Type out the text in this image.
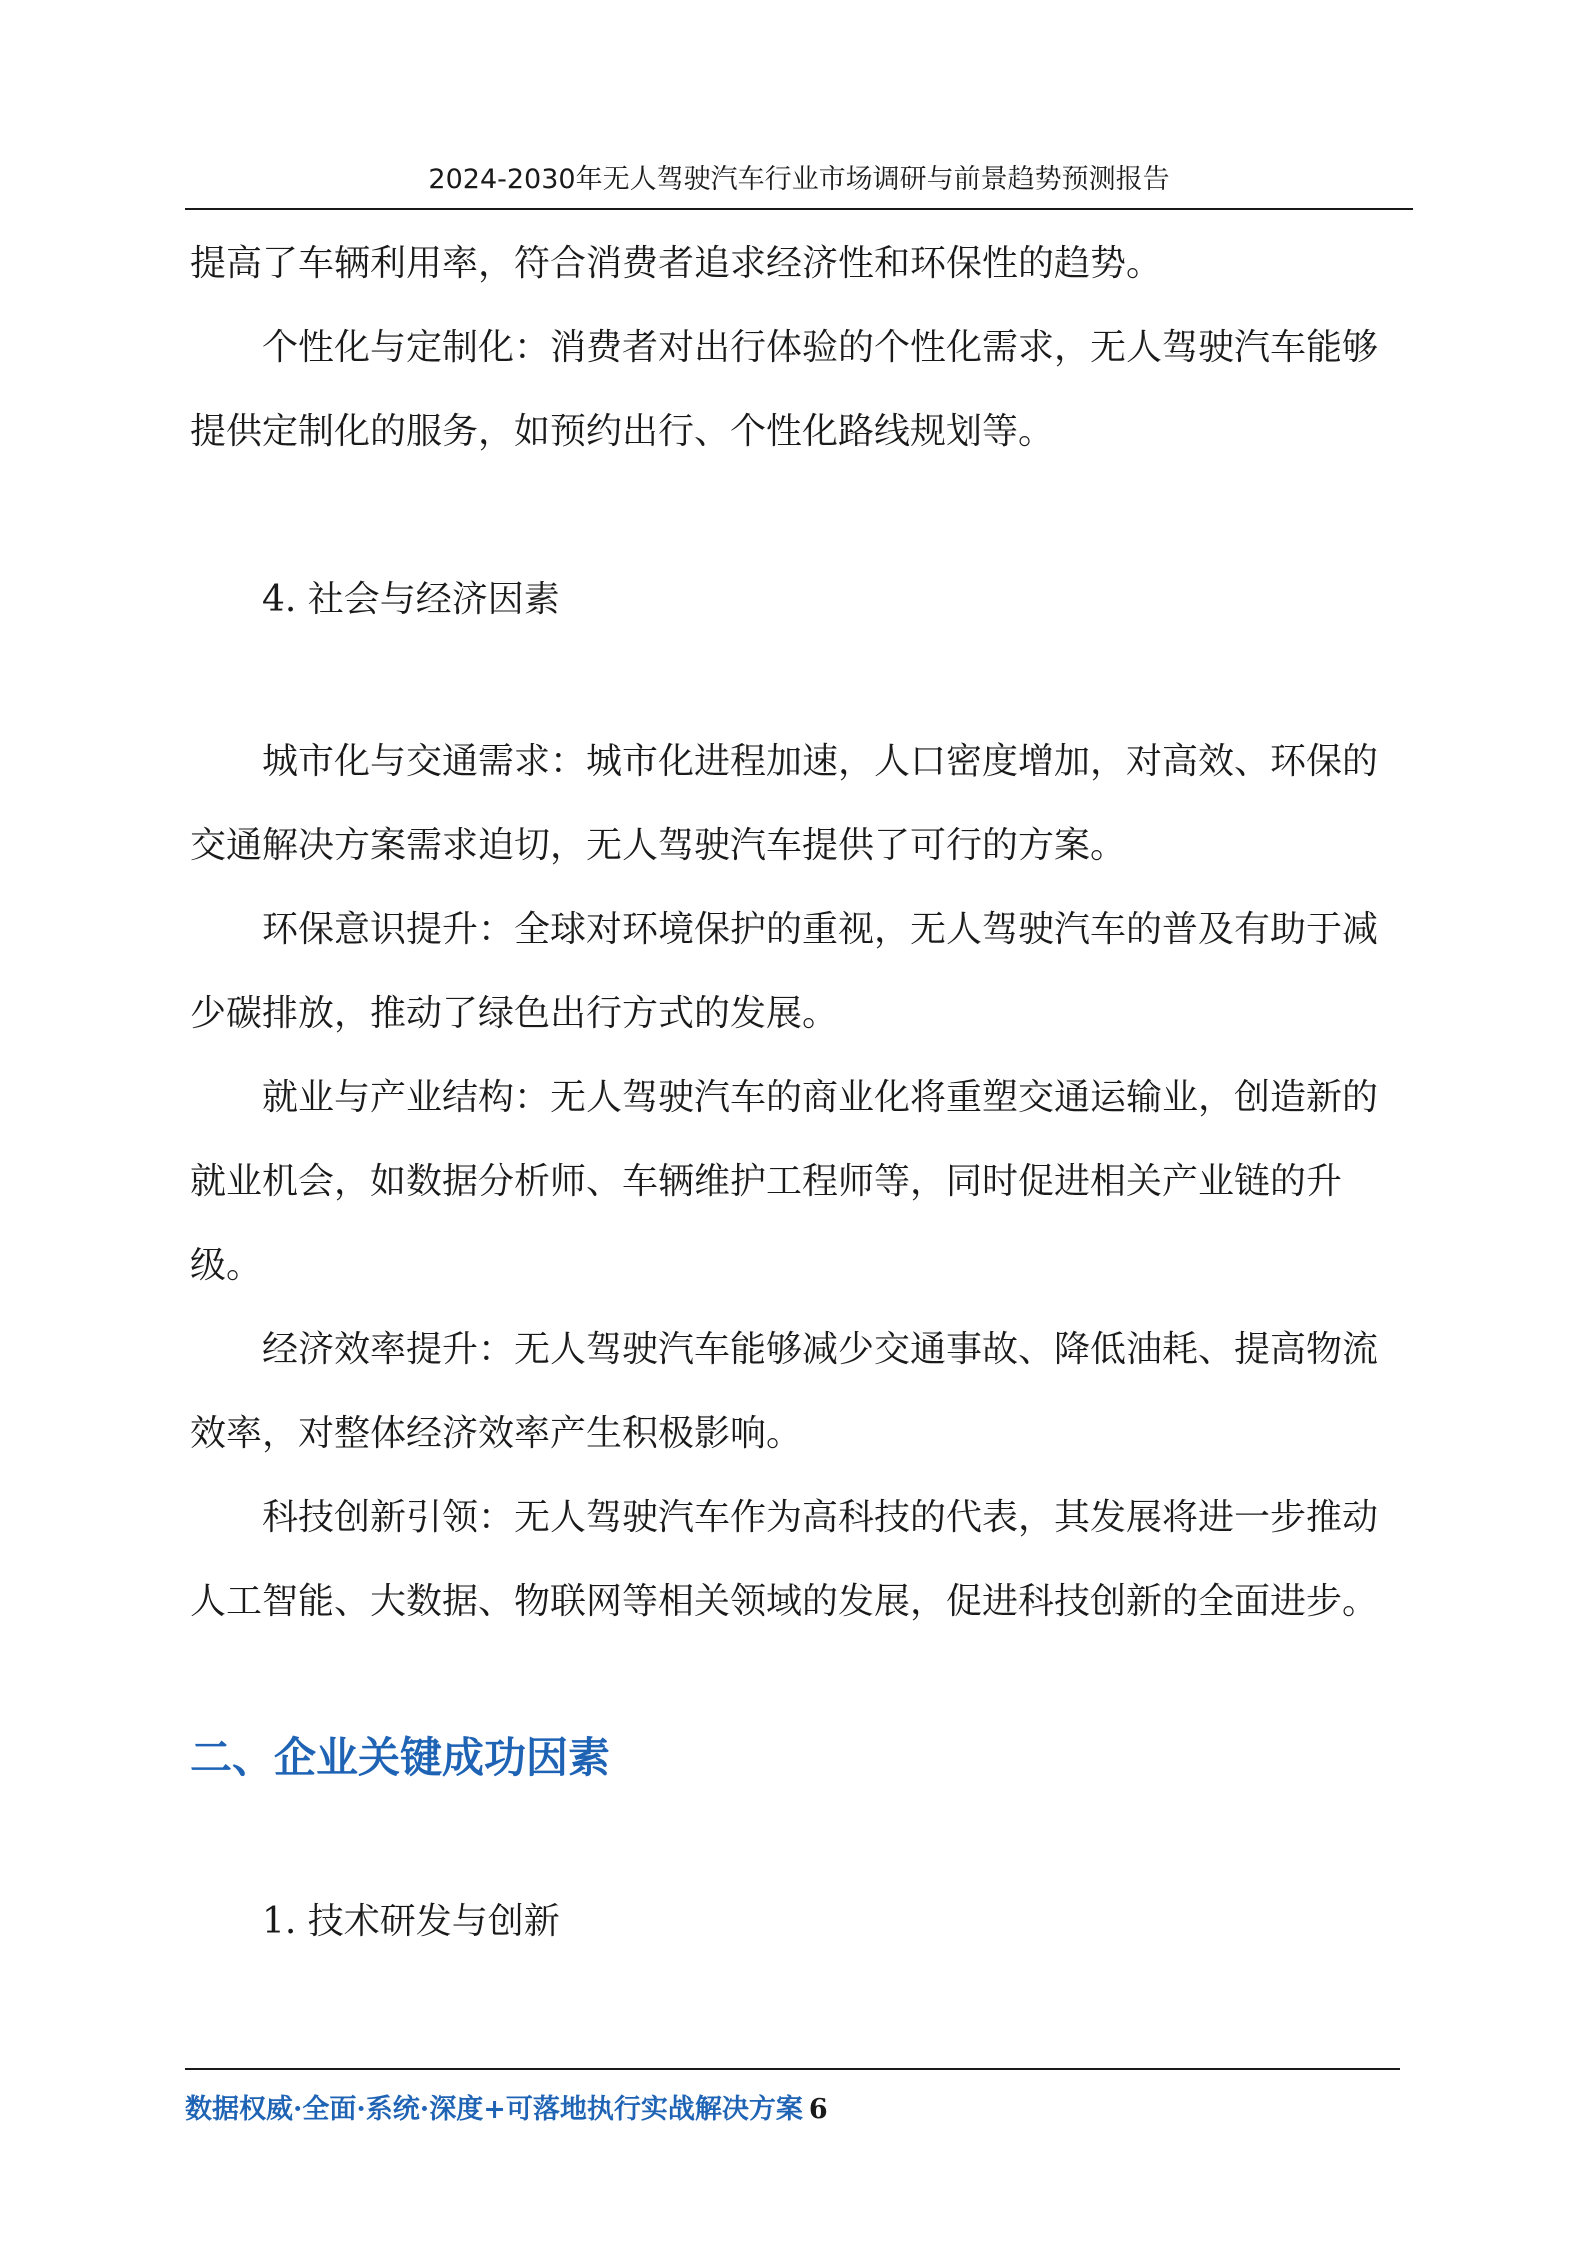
2024-2030年无人驾驶汽车行业市场调研与前景趋势预测报告

提高了车辆利用率，符合消费者追求经济性和环保性的趋势。

个性化与定制化：消费者对出行体验的个性化需求，无人驾驶汽车能够提供定制化的服务，如预约出行、个性化路线规划等。

4. 社会与经济因素

城市化与交通需求：城市化进程加速，人口密度增加，对高效、环保的交通解决方案需求迫切，无人驾驶汽车提供了可行的方案。

环保意识提升：全球对环境保护的重视，无人驾驶汽车的普及有助于减少碳排放，推动了绿色出行方式的发展。

就业与产业结构：无人驾驶汽车的商业化将重塑交通运输业，创造新的就业机会，如数据分析师、车辆维护工程师等，同时促进相关产业链的升级。

经济效率提升：无人驾驶汽车能够减少交通事故、降低油耗、提高物流效率，对整体经济效率产生积极影响。

科技创新引领：无人驾驶汽车作为高科技的代表，其发展将进一步推动人工智能、大数据、物联网等相关领域的发展，促进科技创新的全面进步。

二、企业关键成功因素

1. 技术研发与创新

数据权威·全面·系统·深度+可落地执行实战解决方案 6
